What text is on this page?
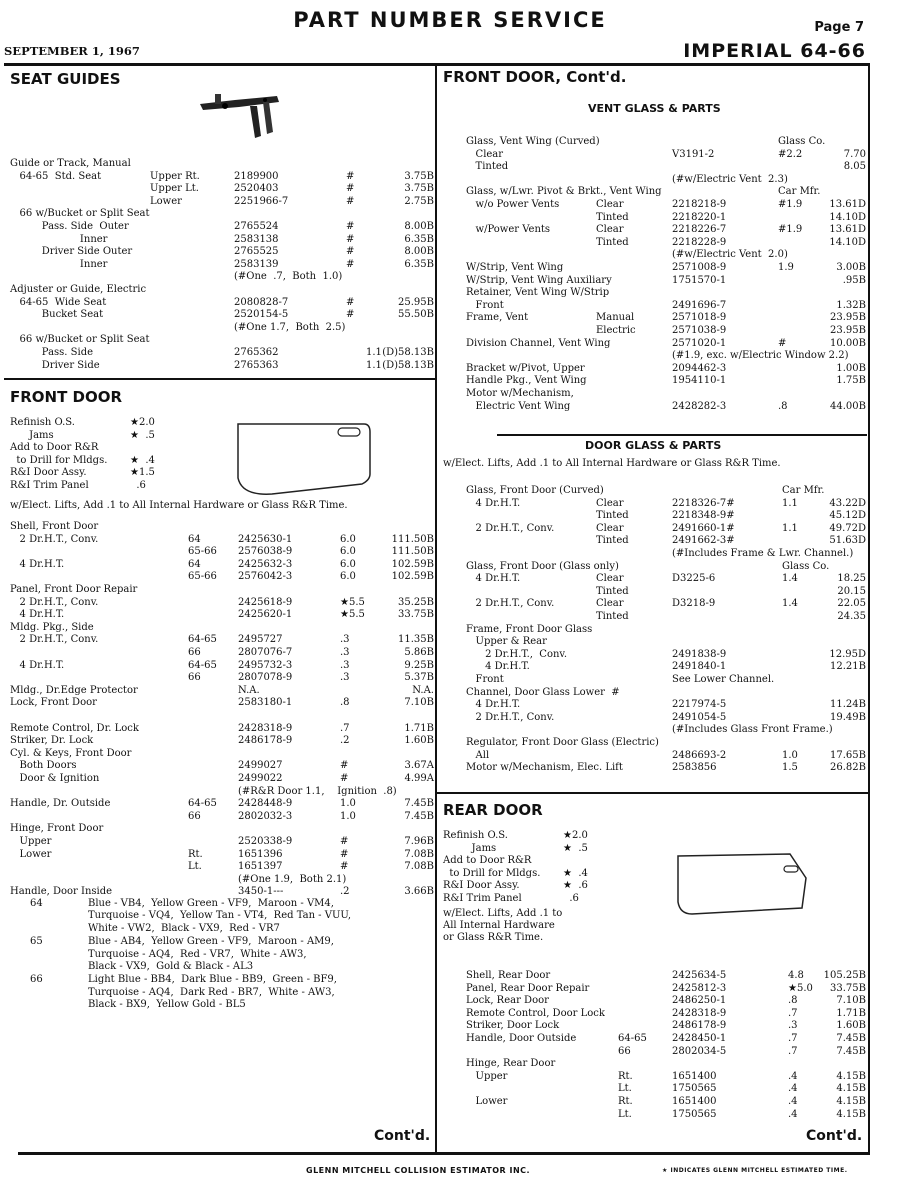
PART NUMBER SERVICE	Page 7
SEPTEMBER 1, 1967	IMPERIAL 64-66
SEAT GUIDES
FRONT DOOR
FRONT DOOR, Cont'd.
VENT GLASS & PARTS
DOOR GLASS & PARTS
REAR DOOR
Guide or Track, Manual
64-65  Std. Seat	Upper Rt.	2189900	#	3.75B
Upper Lt.	2520403	#	3.75B
Lower	2251966-7	#	2.75B
66 w/Bucket or Split Seat
Pass. Side  Outer	2765524	#	8.00B
Inner	2583138	#	6.35B
Driver Side Outer	2765525	#	8.00B
Inner	2583139	#	6.35B
(#One  .7,  Both  1.0)
Adjuster or Guide, Electric
64-65  Wide Seat	2080828-7	#	25.95B
Bucket Seat	2520154-5	#	55.50B
(#One 1.7,  Both  2.5)
66 w/Bucket or Split Seat
Pass. Side	2765362	1.1 (D)58.13B
Driver Side	2765363	1.1 (D)58.13B
Refinish O.S.	★2.0
Jams	★  .5
Add to Door R&R
to Drill for Mldgs. ★  .4
R&I Door Assy.	★1.5
R&I Trim Panel	.6
w/Elect. Lifts, Add .1 to All Internal Hardware or Glass R&R Time.
Shell, Front Door
2 Dr.H.T., Conv.	64	2425630-1	6.0	111.50B
65-66 2576038-9	6.0	111.50B
4 Dr.H.T.	64	2425632-3	6.0	102.59B
65-66 2576042-3	6.0	102.59B
Panel, Front Door Repair
2 Dr.H.T., Conv.	2425618-9	★5.5	35.25B
4 Dr.H.T.	2425620-1	★5.5	33.75B
Mldg. Pkg., Side
2 Dr.H.T., Conv.	64-65 2495727	.3	11.35B
66	2807076-7	.3	5.86B
4 Dr.H.T.	64-65 2495732-3	.3	9.25B
66	2807078-9	.3	5.37B
Mldg., Dr.Edge Protector	N.A.	N.A.
Lock, Front Door	2583180-1	.8	7.10B
Remote Control, Dr. Lock	2428318-9	.7	1.71B
Striker, Dr. Lock	2486178-9	.2	1.60B
Cyl. & Keys, Front Door
Both Doors	2499027	#	3.67A
Door & Ignition	2499022	#	4.99A
(#R&R Door 1.1,    Ignition  .8)
Handle, Dr. Outside	64-65 2428448-9	1.0	7.45B
66	2802032-3	1.0	7.45B
Hinge, Front Door
Upper	2520338-9	#	7.96B
Lower	Rt.	1651396	#	7.08B
Lt.	1651397	#	7.08B
(#One 1.9,  Both 2.1)
Handle, Door Inside	3450-1---	.2	3.66B
64	Blue - VB4,  Yellow Green - VF9,  Maroon - VM4,
Turquoise - VQ4,  Yellow Tan - VT4,  Red Tan - VUU,
White - VW2,  Black - VX9,  Red - VR7
65	Blue - AB4,  Yellow Green - VF9,  Maroon - AM9,
Turquoise - AQ4,  Red - VR7,  White - AW3,
Black - VX9,  Gold & Black - AL3
66	Light Blue - BB4,  Dark Blue - BB9,  Green - BF9,
Turquoise - AQ4,  Dark Red - BR7,  White - AW3,
Black - BX9,  Yellow Gold - BL5
Glass, Vent Wing (Curved)	Glass Co.
Clear	V3191-2	#2.2	7.70
Tinted	8.05
(#w/Electric Vent  2.3)
Glass, w/Lwr. Pivot & Brkt., Vent Wing	Car Mfr.
w/o Power Vents	Clear	2218218-9	#1.9	13.61D
Tinted	2218220-1	14.10D
w/Power Vents	Clear	2218226-7	#1.9	13.61D
Tinted	2218228-9	14.10D
(#w/Electric Vent  2.0)
W/Strip, Vent Wing	2571008-9	1.9	3.00B
W/Strip, Vent Wing Auxiliary	1751570-1	.95B
Retainer, Vent Wing W/Strip
Front	2491696-7	1.32B
Frame, Vent	Manual	2571018-9	23.95B
Electric	2571038-9	23.95B
Division Channel, Vent Wing	2571020-1	#	10.00B
(#1.9, exc. w/Electric Window 2.2)
Bracket w/Pivot, Upper	2094462-3	1.00B
Handle Pkg., Vent Wing	1954110-1	1.75B
Motor w/Mechanism,
Electric Vent Wing	2428282-3	.8	44.00B
w/Elect. Lifts, Add .1 to All Internal Hardware or Glass R&R Time.
Glass, Front Door (Curved)	Car Mfr.
4 Dr.H.T.	Clear	2218326-7#	1.1	43.22D
Tinted	2218348-9#	45.12D
2 Dr.H.T., Conv.	Clear	2491660-1#	1.1	49.72D
Tinted	2491662-3#	51.63D
(#Includes Frame & Lwr. Channel.)
Glass, Front Door (Glass only)	Glass Co.
4 Dr.H.T.	Clear	D3225-6	1.4	18.25
Tinted	20.15
2 Dr.H.T., Conv.	Clear	D3218-9	1.4	22.05
Tinted	24.35
Frame, Front Door Glass
Upper & Rear
2 Dr.H.T.,  Conv.	2491838-9	12.95D
4 Dr.H.T.	2491840-1	12.21B
Front	See Lower Channel.
Channel, Door Glass Lower  #
4 Dr.H.T.	2217974-5	11.24B
2 Dr.H.T., Conv.	2491054-5	19.49B
(#Includes Glass Front Frame.)
Regulator, Front Door Glass (Electric)
All	2486693-2	1.0	17.65B
Motor w/Mechanism, Elec. Lift	2583856	1.5	26.82B
Refinish O.S.	★2.0
Jams	★  .5
Add to Door R&R
to Drill for Mldgs. ★  .4
R&I Door Assy.	★  .6
R&I Trim Panel	.6
w/Elect. Lifts, Add .1 to
All Internal Hardware
or Glass R&R Time.
Shell, Rear Door	2425634-5	4.8 105.25B
Panel, Rear Door Repair	2425812-3	★5.0 33.75B
Lock, Rear Door	2486250-1	.8	7.10B
Remote Control, Door Lock	2428318-9	.7	1.71B
Striker, Door Lock	2486178-9	.3	1.60B
Handle, Door Outside	64-65	2428450-1	.7	7.45B
66	2802034-5	.7	7.45B
Hinge, Rear Door
Upper	Rt.	1651400	.4	4.15B
Lt.	1750565	.4	4.15B
Lower	Rt.	1651400	.4	4.15B
Lt.	1750565	.4	4.15B
Cont'd.	Cont'd.
GLENN MITCHELL COLLISION ESTIMATOR INC.	★ INDICATES GLENN MITCHELL ESTIMATED TIME.
